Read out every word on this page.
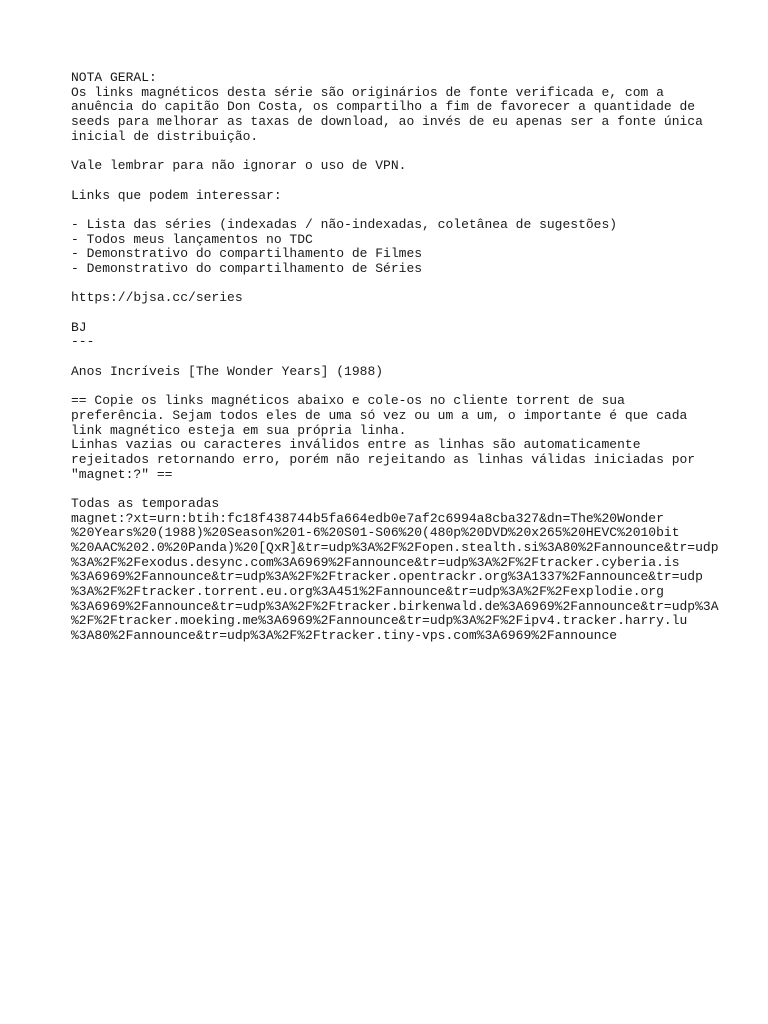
NOTA GERAL:
Os links magnéticos desta série são originários de fonte verificada e, com a
anuência do capitão Don Costa, os compartilho a fim de favorecer a quantidade de
seeds para melhorar as taxas de download, ao invés de eu apenas ser a fonte única
inicial de distribuição.
Vale lembrar para não ignorar o uso de VPN.
Links que podem interessar:
- Lista das séries (indexadas / não-indexadas, coletânea de sugestões)
- Todos meus lançamentos no TDC
- Demonstrativo do compartilhamento de Filmes
- Demonstrativo do compartilhamento de Séries
https://bjsa.cc/series
BJ
---
Anos Incríveis [The Wonder Years] (1988)
== Copie os links magnéticos abaixo e cole-os no cliente torrent de sua
preferência. Sejam todos eles de uma só vez ou um a um, o importante é que cada
link magnético esteja em sua própria linha.
Linhas vazias ou caracteres inválidos entre as linhas são automaticamente
rejeitados retornando erro, porém não rejeitando as linhas válidas iniciadas por
"magnet:?" ==
Todas as temporadas
magnet:?xt=urn:btih:fc18f438744b5fa664edb0e7af2c6994a8cba327&dn=The%20Wonder
%20Years%20(1988)%20Season%201-6%20S01-S06%20(480p%20DVD%20x265%20HEVC%2010bit
%20AAC%202.0%20Panda)%20[QxR]&tr=udp%3A%2F%2Fopen.stealth.si%3A80%2Fannounce&tr=udp
%3A%2F%2Fexodus.desync.com%3A6969%2Fannounce&tr=udp%3A%2F%2Ftracker.cyberia.is
%3A6969%2Fannounce&tr=udp%3A%2F%2Ftracker.opentrackr.org%3A1337%2Fannounce&tr=udp
%3A%2F%2Ftracker.torrent.eu.org%3A451%2Fannounce&tr=udp%3A%2F%2Fexplodie.org
%3A6969%2Fannounce&tr=udp%3A%2F%2Ftracker.birkenwald.de%3A6969%2Fannounce&tr=udp%3A
%2F%2Ftracker.moeking.me%3A6969%2Fannounce&tr=udp%3A%2F%2Fipv4.tracker.harry.lu
%3A80%2Fannounce&tr=udp%3A%2F%2Ftracker.tiny-vps.com%3A6969%2Fannounce
